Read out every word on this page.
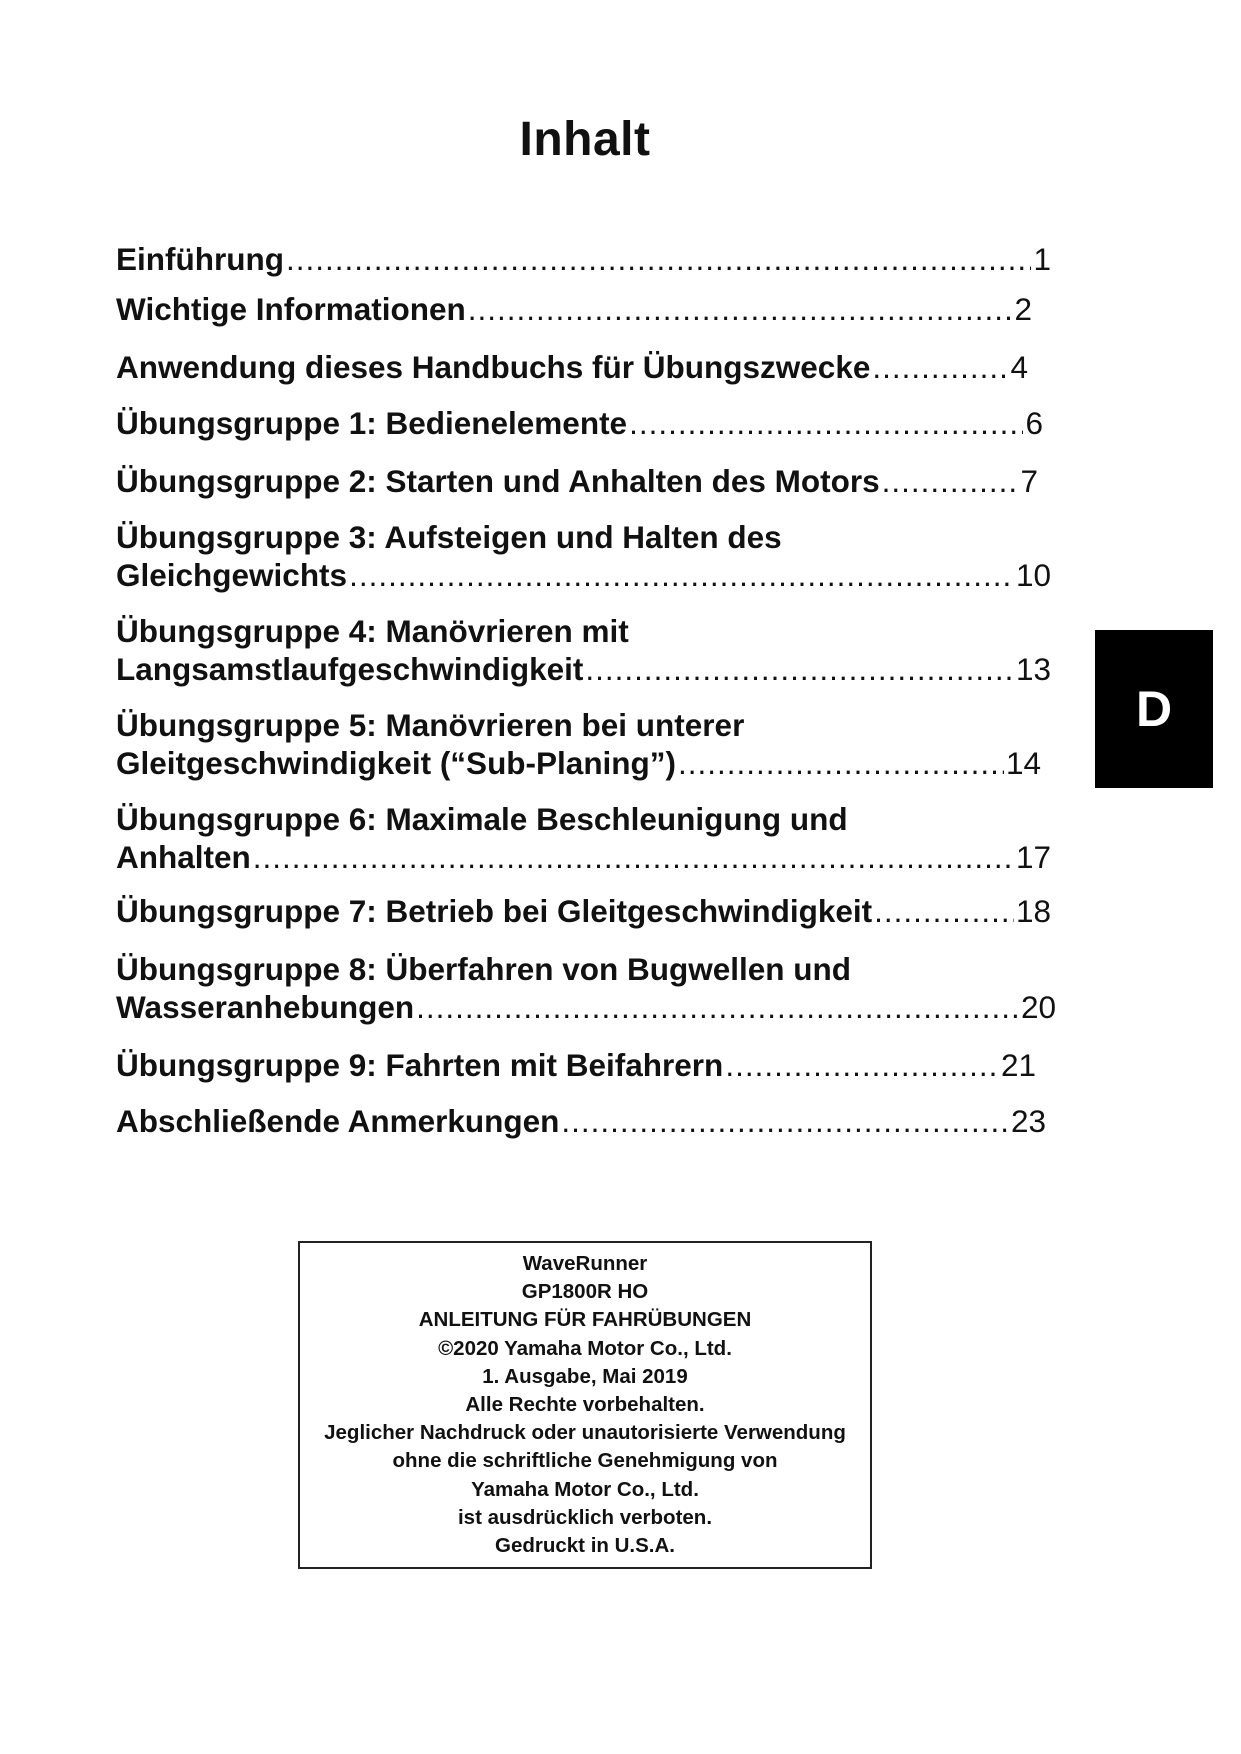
Inhalt
Einführung .....	1
Wichtige Informationen .....	2
Anwendung dieses Handbuchs für Übungszwecke .....	4
Übungsgruppe 1: Bedienelemente .....	6
Übungsgruppe 2: Starten und Anhalten des Motors .....	7
Übungsgruppe 3: Aufsteigen und Halten des
Gleichgewichts .....	10
Übungsgruppe 4: Manövrieren mit
Langsamstlaufgeschwindigkeit .....	13
Übungsgruppe 5: Manövrieren bei unterer
Gleitgeschwindigkeit (“Sub-Planing”) .....	14
Übungsgruppe 6: Maximale Beschleunigung und
Anhalten .....	17
Übungsgruppe 7: Betrieb bei Gleitgeschwindigkeit .....	18
Übungsgruppe 8: Überfahren von Bugwellen und
Wasseranhebungen .....	20
Übungsgruppe 9: Fahrten mit Beifahrern .....	21
Abschließende Anmerkungen .....	23
D
WaveRunner
GP1800R HO
ANLEITUNG FÜR FAHRÜBUNGEN
©2020 Yamaha Motor Co., Ltd.
1. Ausgabe, Mai 2019
Alle Rechte vorbehalten.
Jeglicher Nachdruck oder unautorisierte Verwendung
ohne die schriftliche Genehmigung von
Yamaha Motor Co., Ltd.
ist ausdrücklich verboten.
Gedruckt in U.S.A.
